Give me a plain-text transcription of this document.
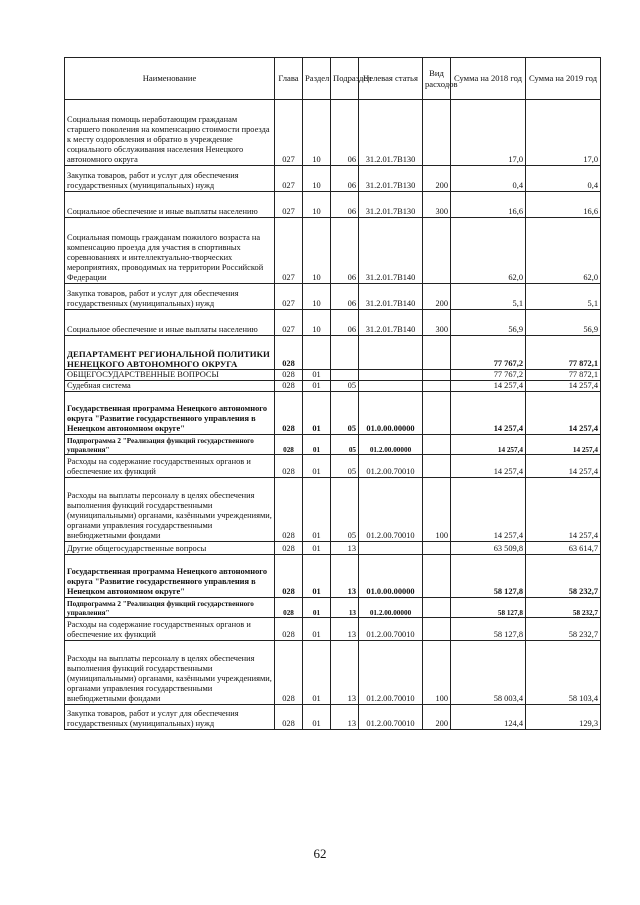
Наименование	Глава	Раздел	Подраздел	Целевая статья	Вид расходов	Сумма на 2018 год	Сумма на 2019 год
Социальная помощь неработающим гражданам старшего поколения на компенсацию стоимости проезда к месту оздоровления и обратно в учреждение социального обслуживания населения Ненецкого автономного округа	027	10	06	31.2.01.7В130		17,0	17,0
Закупка товаров, работ и услуг для обеспечения государственных (муниципальных) нужд	027	10	06	31.2.01.7В130	200	0,4	0,4
Социальное обеспечение и иные выплаты населению	027	10	06	31.2.01.7В130	300	16,6	16,6
Социальная помощь гражданам пожилого возраста на компенсацию проезда для участия в спортивных соревнованиях и интеллектуально-творческих мероприятиях, проводимых на территории Российской Федерации	027	10	06	31.2.01.7В140		62,0	62,0
Закупка товаров, работ и услуг для обеспечения государственных (муниципальных) нужд	027	10	06	31.2.01.7В140	200	5,1	5,1
Социальное обеспечение и иные выплаты населению	027	10	06	31.2.01.7В140	300	56,9	56,9
ДЕПАРТАМЕНТ РЕГИОНАЛЬНОЙ ПОЛИТИКИ НЕНЕЦКОГО АВТОНОМНОГО ОКРУГА	028					77 767,2	77 872,1
ОБЩЕГОСУДАРСТВЕННЫЕ ВОПРОСЫ	028	01				77 767,2	77 872,1
Судебная система	028	01	05			14 257,4	14 257,4
Государственная программа Ненецкого автономного округа "Развитие государственного управления в Ненецком автономном округе"	028	01	05	01.0.00.00000		14 257,4	14 257,4
Подпрограмма 2 "Реализация функций государственного управления"	028	01	05	01.2.00.00000		14 257,4	14 257,4
Расходы на содержание государственных органов и обеспечение их функций	028	01	05	01.2.00.70010		14 257,4	14 257,4
Расходы на выплаты персоналу в целях обеспечения выполнения функций государственными (муниципальными) органами, казёнными учреждениями, органами управления государственными внебюджетными фондами	028	01	05	01.2.00.70010	100	14 257,4	14 257,4
Другие общегосударственные вопросы	028	01	13			63 509,8	63 614,7
Государственная программа Ненецкого автономного округа "Развитие государственного управления в Ненецком автономном округе"	028	01	13	01.0.00.00000		58 127,8	58 232,7
Подпрограмма 2 "Реализация функций государственного управления"	028	01	13	01.2.00.00000		58 127,8	58 232,7
Расходы на содержание государственных органов и обеспечение их функций	028	01	13	01.2.00.70010		58 127,8	58 232,7
Расходы на выплаты персоналу в целях обеспечения выполнения функций государственными (муниципальными) органами, казёнными учреждениями, органами управления государственными внебюджетными фондами	028	01	13	01.2.00.70010	100	58 003,4	58 103,4
Закупка товаров, работ и услуг для обеспечения государственных (муниципальных) нужд	028	01	13	01.2.00.70010	200	124,4	129,3
62
